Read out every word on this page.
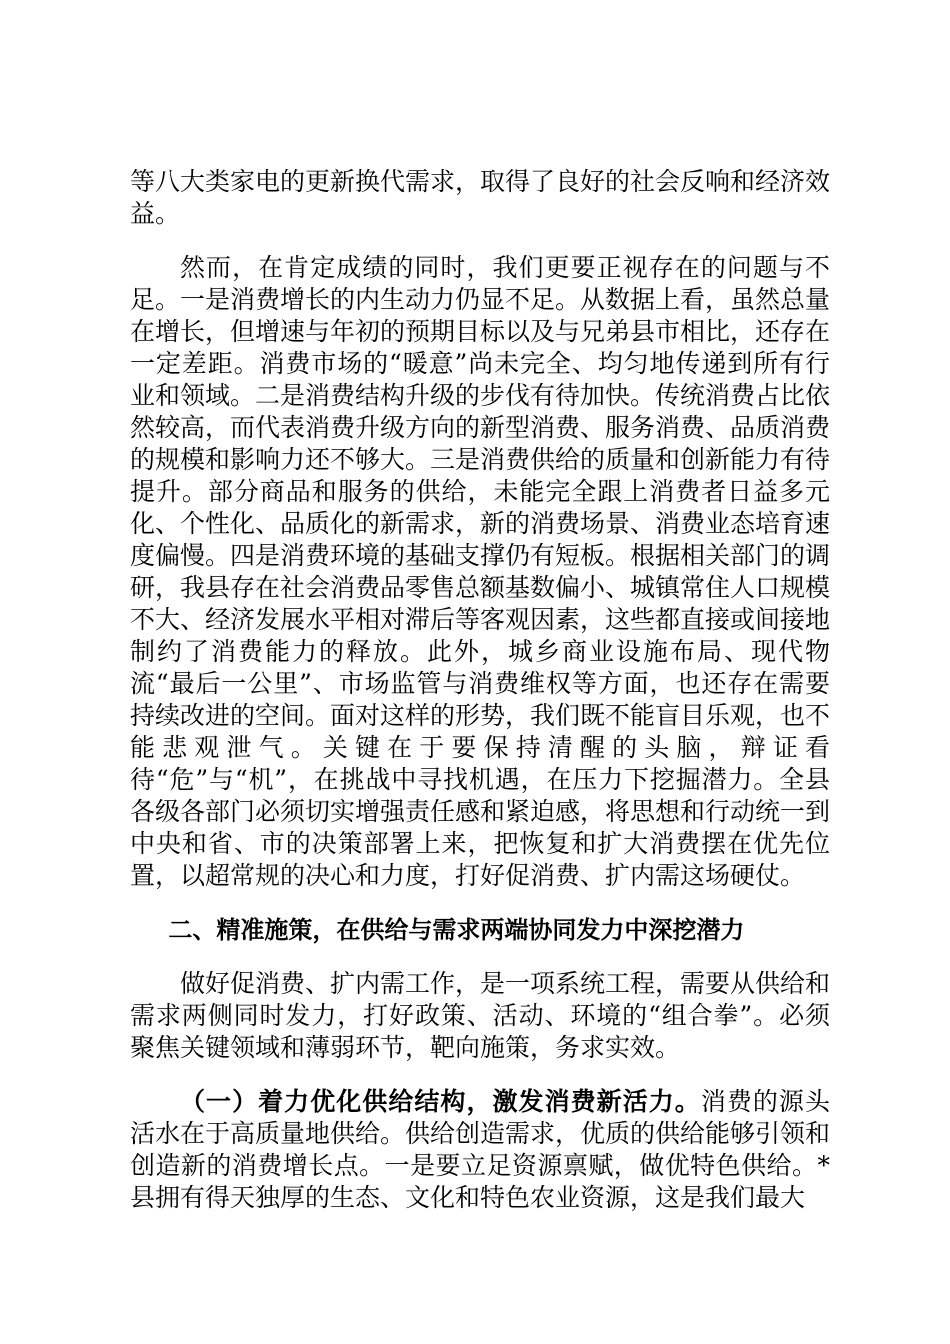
等八大类家电的更新换代需求，取得了良好的社会反响和经济效益。

然而，在肯定成绩的同时，我们更要正视存在的问题与不足。一是消费增长的内生动力仍显不足。从数据上看，虽然总量在增长，但增速与年初的预期目标以及与兄弟县市相比，还存在一定差距。消费市场的“暖意”尚未完全、均匀地传递到所有行业和领域。二是消费结构升级的步伐有待加快。传统消费占比依然较高，而代表消费升级方向的新型消费、服务消费、品质消费的规模和影响力还不够大。三是消费供给的质量和创新能力有待提升。部分商品和服务的供给，未能完全跟上消费者日益多元化、个性化、品质化的新需求，新的消费场景、消费业态培育速度偏慢。四是消费环境的基础支撑仍有短板。根据相关部门的调研，我县存在社会消费品零售总额基数偏小、城镇常住人口规模不大、经济发展水平相对滞后等客观因素，这些都直接或间接地制约了消费能力的释放。此外，城乡商业设施布局、现代物流“最后一公里”、市场监管与消费维权等方面，也还存在需要持续改进的空间。面对这样的形势，我们既不能盲目乐观，也不能悲观泄气。关键在于要保持清醒的头脑，辩证看待“危”与“机”，在挑战中寻找机遇，在压力下挖掘潜力。全县各级各部门必须切实增强责任感和紧迫感，将思想和行动统一到中央和省、市的决策部署上来，把恢复和扩大消费摆在优先位置，以超常规的决心和力度，打好促消费、扩内需这场硬仗。

二、精准施策，在供给与需求两端协同发力中深挖潜力

做好促消费、扩内需工作，是一项系统工程，需要从供给和需求两侧同时发力，打好政策、活动、环境的“组合拳”。必须聚焦关键领域和薄弱环节，靶向施策，务求实效。

（一）着力优化供给结构，激发消费新活力。消费的源头活水在于高质量地供给。供给创造需求，优质的供给能够引领和创造新的消费增长点。一是要立足资源禀赋，做优特色供给。*县拥有得天独厚的生态、文化和特色农业资源，这是我们最大
